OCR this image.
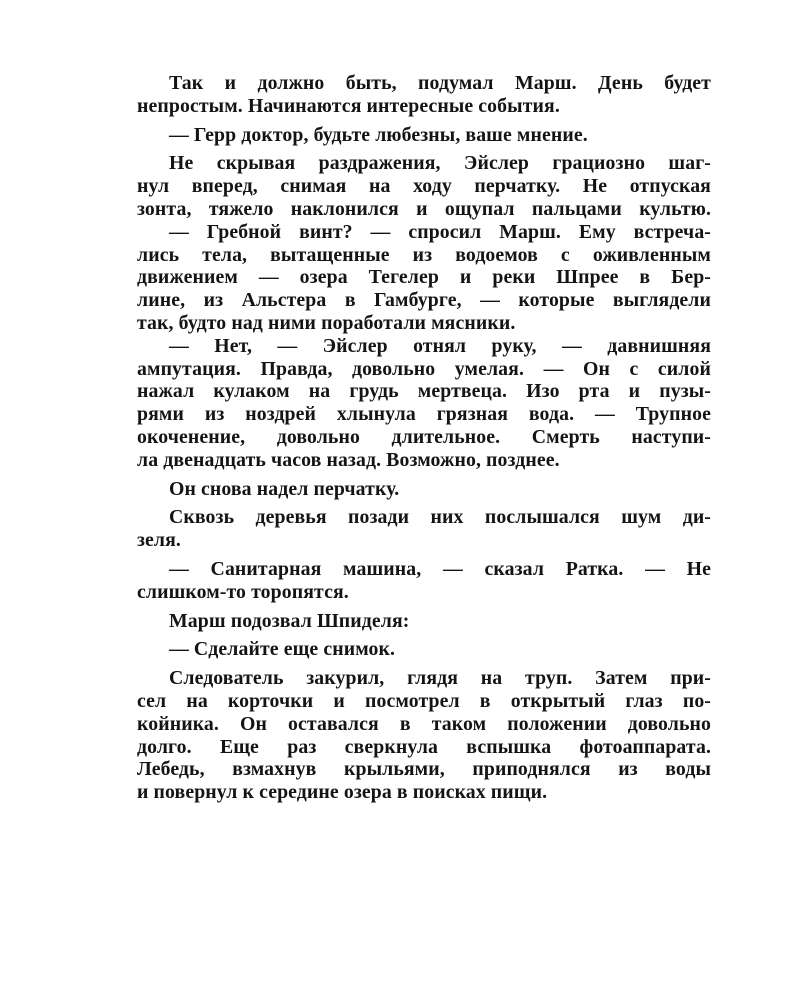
Так и должно быть, подумал Марш. День будет
непростым. Начинаются интересные события.
— Герр доктор, будьте любезны, ваше мнение.
Не скрывая раздражения, Эйслер грациозно шаг-
нул вперед, снимая на ходу перчатку. Не отпуская
зонта, тяжело наклонился и ощупал пальцами культю.
— Гребной винт? — спросил Марш. Ему встреча-
лись тела, вытащенные из водоемов с оживленным
движением — озера Тегелер и реки Шпрее в Бер-
лине, из Альстера в Гамбурге, — которые выглядели
так, будто над ними поработали мясники.
— Нет, — Эйслер отнял руку, — давнишняя
ампутация. Правда, довольно умелая. — Он с силой
нажал кулаком на грудь мертвеца. Изо рта и пузы-
рями из ноздрей хлынула грязная вода. — Трупное
окоченение, довольно длительное. Смерть наступи-
ла двенадцать часов назад. Возможно, позднее.
Он снова надел перчатку.
Сквозь деревья позади них послышался шум ди-
зеля.
— Санитарная машина, — сказал Ратка. — Не
слишком-то торопятся.
Марш подозвал Шпиделя:
— Сделайте еще снимок.
Следователь закурил, глядя на труп. Затем при-
сел на корточки и посмотрел в открытый глаз по-
койника. Он оставался в таком положении довольно
долго. Еще раз сверкнула вспышка фотоаппарата.
Лебедь, взмахнув крыльями, приподнялся из воды
и повернул к середине озера в поисках пищи.
